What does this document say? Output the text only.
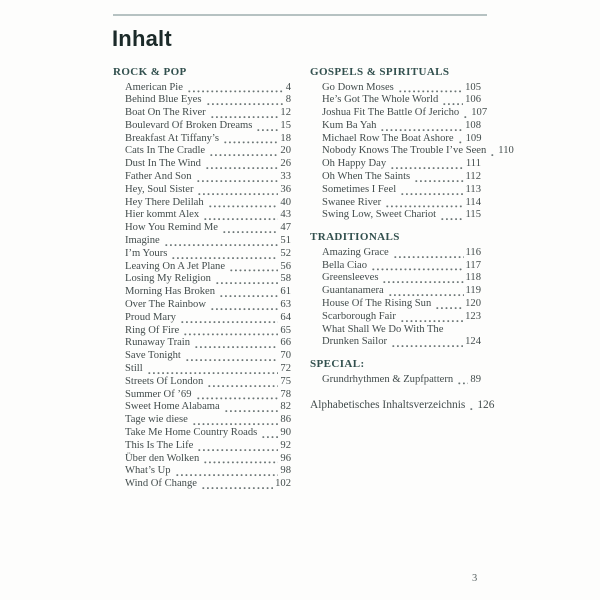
Inhalt
ROCK & POP
American Pie	4
Behind Blue Eyes	8
Boat On The River	12
Boulevard Of Broken Dreams	15
Breakfast At Tiffany’s	18
Cats In The Cradle	20
Dust In The Wind	26
Father And Son	33
Hey, Soul Sister	36
Hey There Delilah	40
Hier kommt Alex	43
How You Remind Me	47
Imagine	51
I’m Yours	52
Leaving On A Jet Plane	56
Losing My Religion	58
Morning Has Broken	61
Over The Rainbow	63
Proud Mary	64
Ring Of Fire	65
Runaway Train	66
Save Tonight	70
Still	72
Streets Of London	75
Summer Of ’69	78
Sweet Home Alabama	82
Tage wie diese	86
Take Me Home Country Roads 90
This Is The Life	92
Über den Wolken	96
What’s Up	98
Wind Of Change	102
GOSPELS & SPIRITUALS
Go Down Moses	105
He’s Got The Whole World	106
Joshua Fit The Battle Of Jericho 107
Kum Ba Yah	108
Michael Row The Boat Ashore 109
Nobody Knows The Trouble I’ve Seen 110
Oh Happy Day	111
Oh When The Saints	112
Sometimes I Feel	113
Swanee River	114
Swing Low, Sweet Chariot	115
TRADITIONALS
Amazing Grace	116
Bella Ciao	117
Greensleeves	118
Guantanamera	119
House Of The Rising Sun	120
Scarborough Fair	123
What Shall We Do With The
Drunken Sailor	124
SPECIAL:
Grundrhythmen & Zupfpattern 89
Alphabetisches Inhaltsverzeichnis 126
3
